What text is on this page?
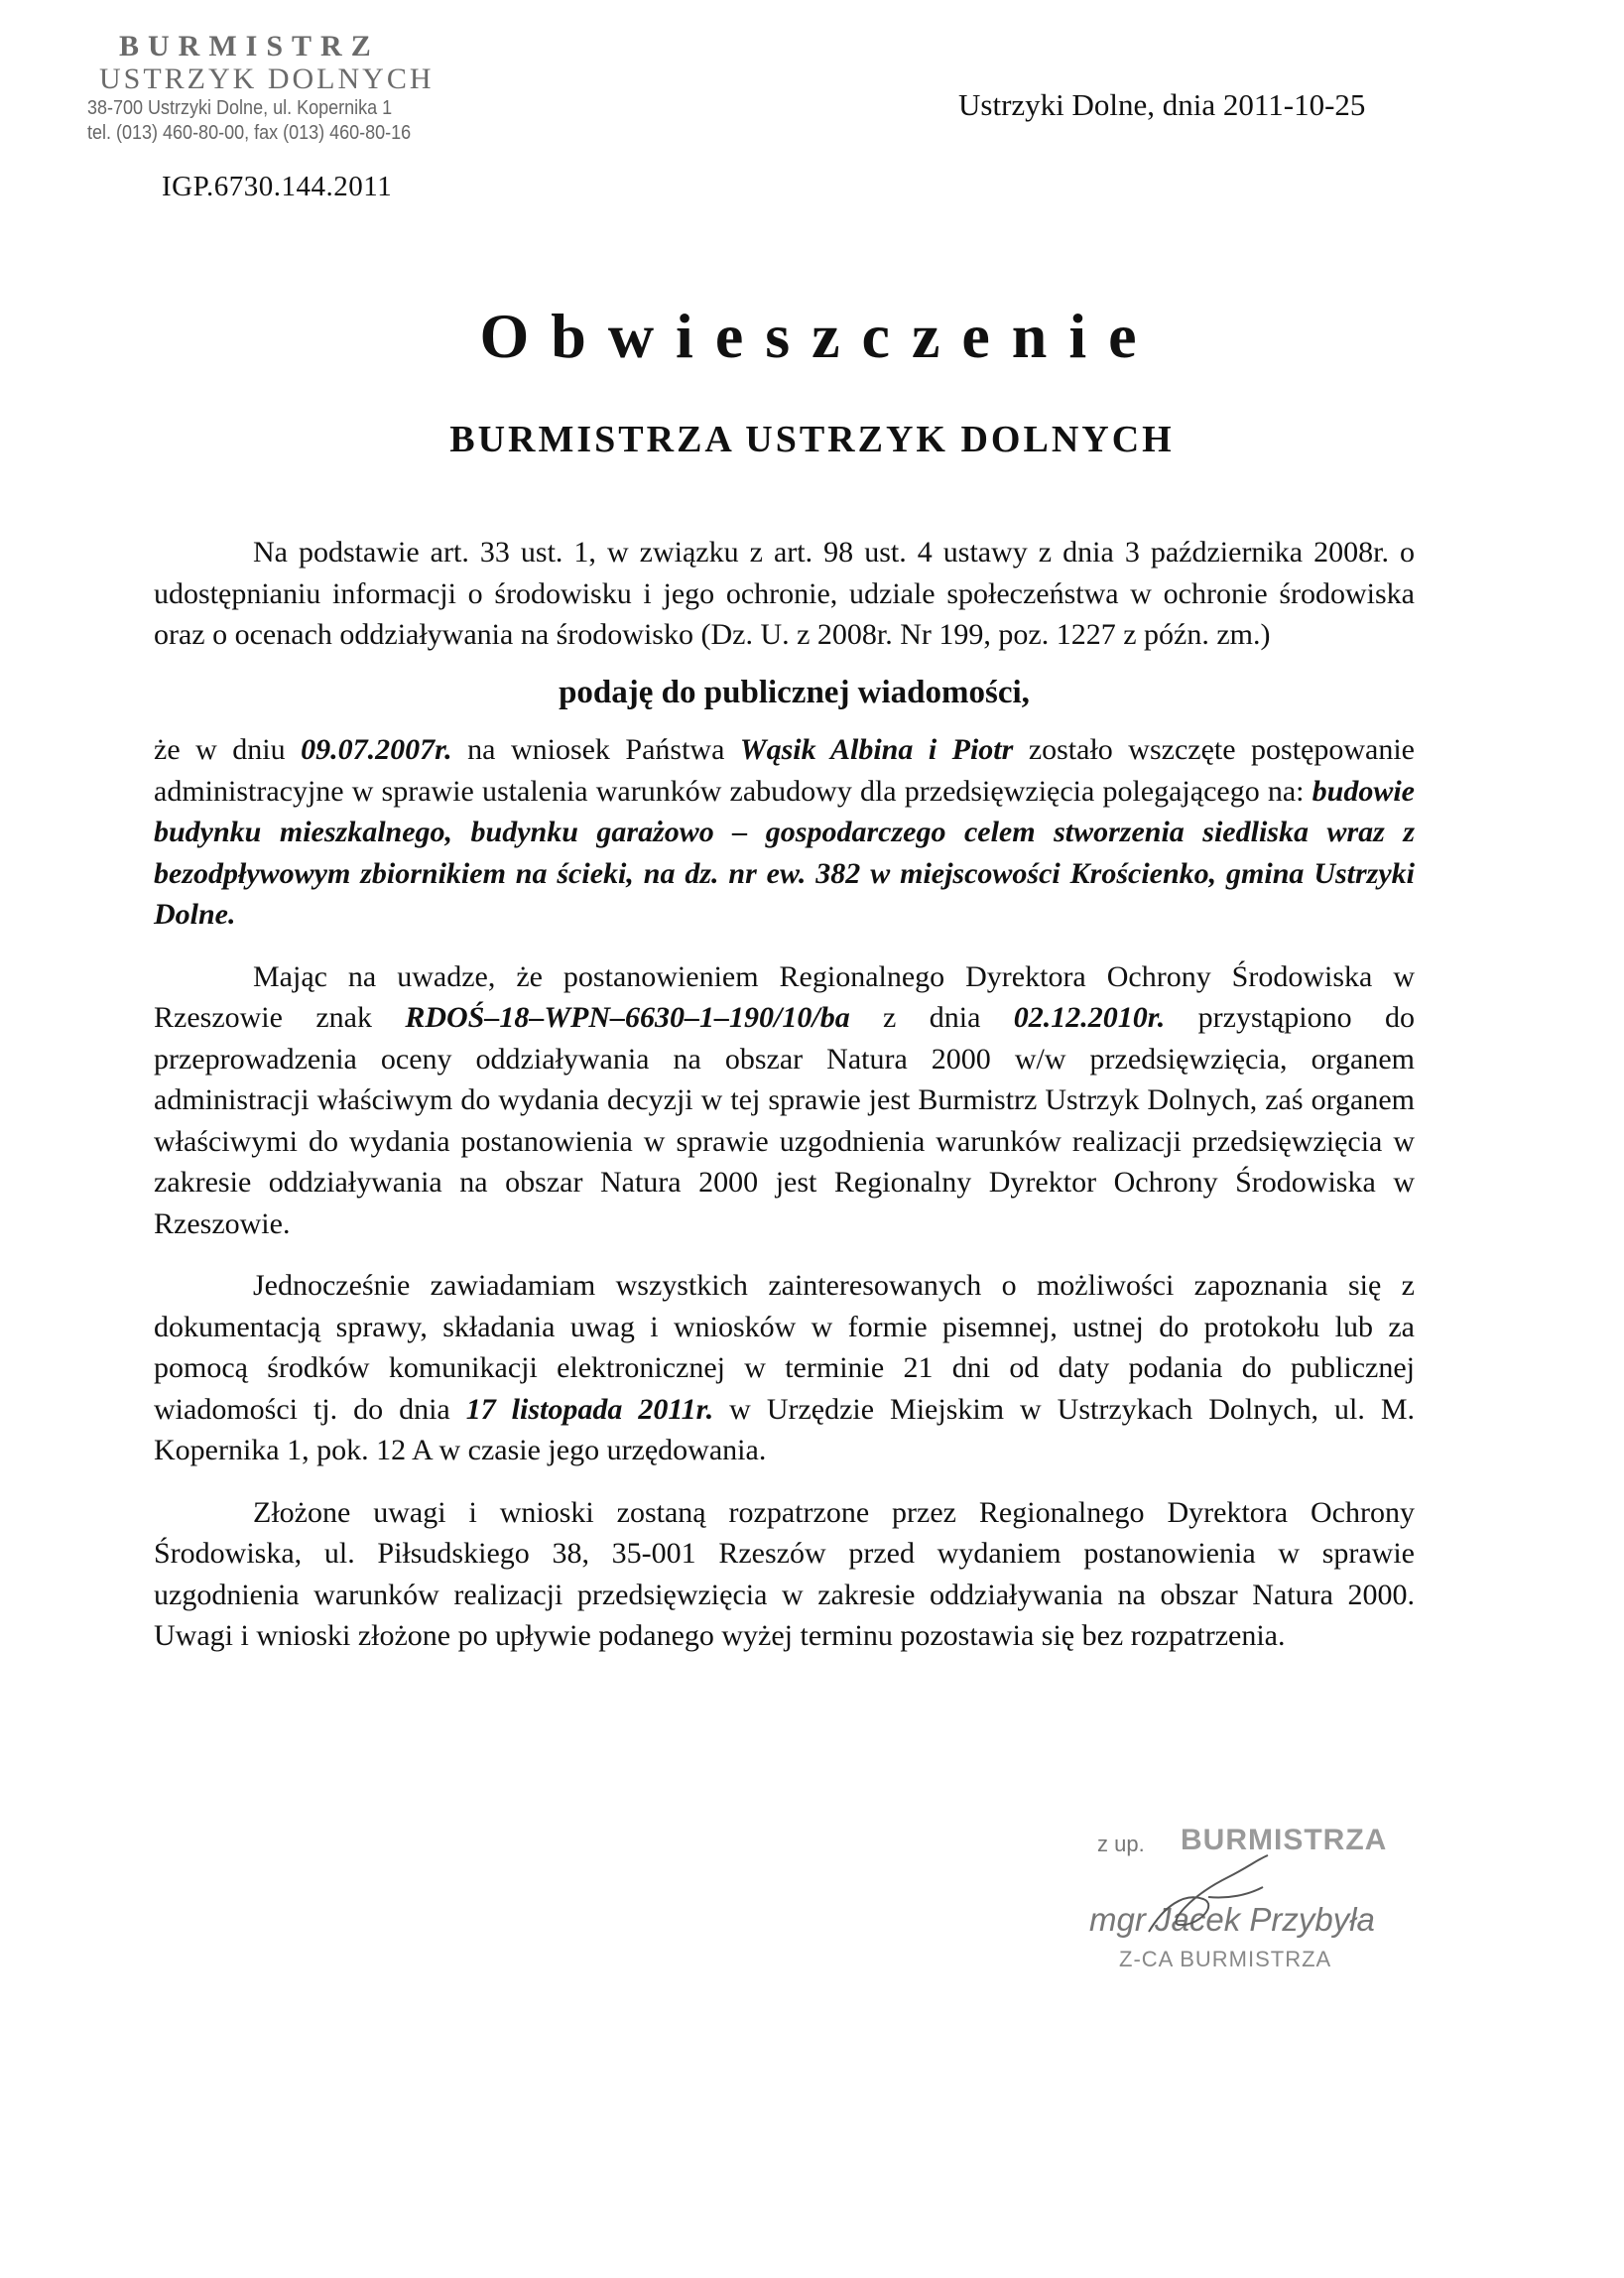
BURMISTRZ
USTRZYK DOLNYCH
38-700 Ustrzyki Dolne, ul. Kopernika 1
tel. (013) 460-80-00, fax (013) 460-80-16
Ustrzyki Dolne, dnia 2011-10-25
IGP.6730.144.2011
Obwieszczenie
BURMISTRZA USTRZYK DOLNYCH

Na podstawie art. 33 ust. 1, w związku z art. 98 ust. 4 ustawy z dnia 3 października 2008r. o udostępnianiu informacji o środowisku i jego ochronie, udziale społeczeństwa w ochronie środowiska oraz o ocenach oddziaływania na środowisko (Dz. U. z 2008r. Nr 199, poz. 1227 z późn. zm.)

podaję do publicznej wiadomości,

że w dniu 09.07.2007r. na wniosek Państwa Wąsik Albina i Piotr zostało wszczęte postępowanie administracyjne w sprawie ustalenia warunków zabudowy dla przedsięwzięcia polegającego na: budowie budynku mieszkalnego, budynku garażowo – gospodarczego celem stworzenia siedliska wraz z bezodpływowym zbiornikiem na ścieki, na dz. nr ew. 382 w miejscowości Krościenko, gmina Ustrzyki Dolne.

Mając na uwadze, że postanowieniem Regionalnego Dyrektora Ochrony Środowiska w Rzeszowie znak RDOŚ–18–WPN–6630–1–190/10/ba z dnia 02.12.2010r. przystąpiono do przeprowadzenia oceny oddziaływania na obszar Natura 2000 w/w przedsięwzięcia, organem administracji właściwym do wydania decyzji w tej sprawie jest Burmistrz Ustrzyk Dolnych, zaś organem właściwymi do wydania postanowienia w sprawie uzgodnienia warunków realizacji przedsięwzięcia w zakresie oddziaływania na obszar Natura 2000 jest Regionalny Dyrektor Ochrony Środowiska w Rzeszowie.

Jednocześnie zawiadamiam wszystkich zainteresowanych o możliwości zapoznania się z dokumentacją sprawy, składania uwag i wniosków w formie pisemnej, ustnej do protokołu lub za pomocą środków komunikacji elektronicznej w terminie 21 dni od daty podania do publicznej wiadomości tj. do dnia 17 listopada 2011r. w Urzędzie Miejskim w Ustrzykach Dolnych, ul. M. Kopernika 1, pok. 12 A w czasie jego urzędowania.

Złożone uwagi i wnioski zostaną rozpatrzone przez Regionalnego Dyrektora Ochrony Środowiska, ul. Piłsudskiego 38, 35-001 Rzeszów przed wydaniem postanowienia w sprawie uzgodnienia warunków realizacji przedsięwzięcia w zakresie oddziaływania na obszar Natura 2000. Uwagi i wnioski złożone po upływie podanego wyżej terminu pozostawia się bez rozpatrzenia.

z up. BURMISTRZA
mgr Jacek Przybyła
Z-CA BURMISTRZA
